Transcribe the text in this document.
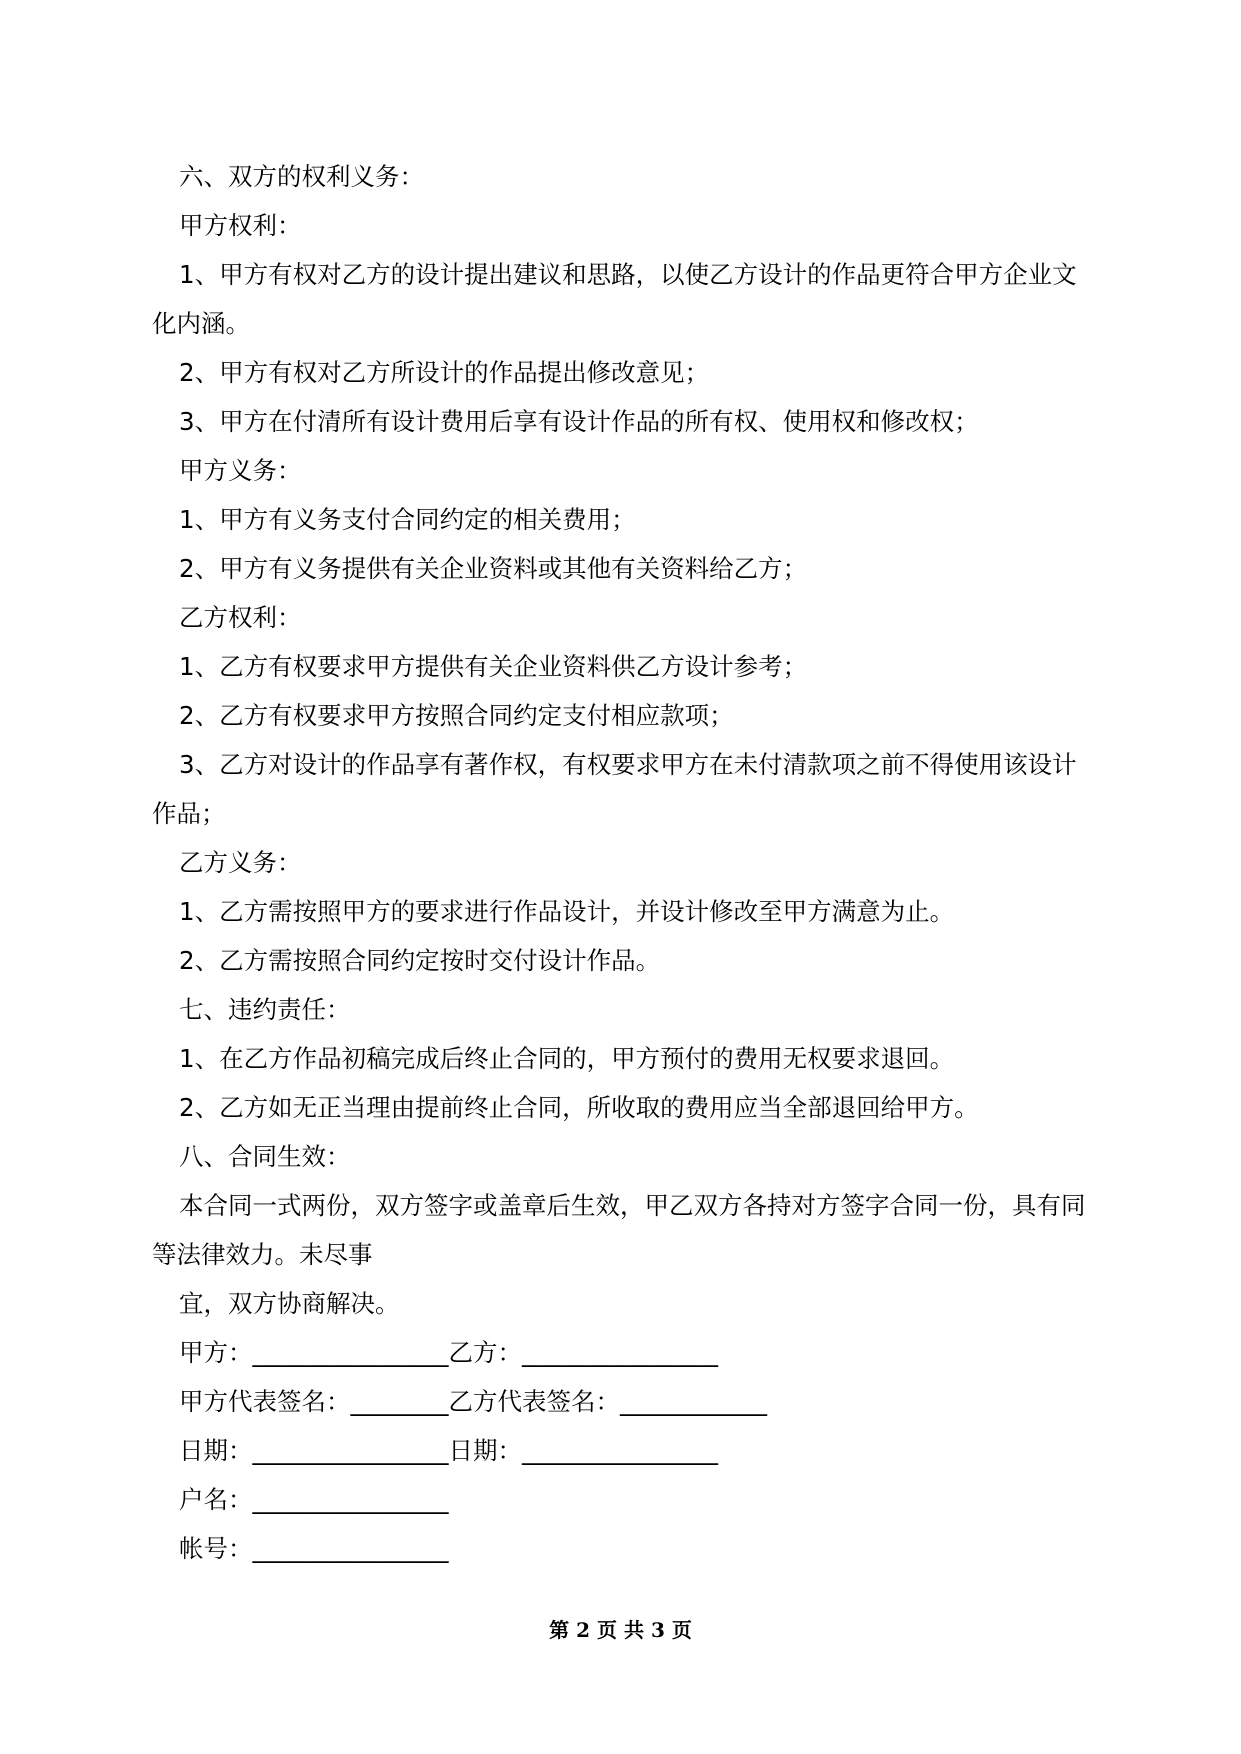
六、双方的权利义务：

甲方权利：

1、甲方有权对乙方的设计提出建议和思路，以使乙方设计的作品更符合甲方企业文化内涵。

2、甲方有权对乙方所设计的作品提出修改意见；

3、甲方在付清所有设计费用后享有设计作品的所有权、使用权和修改权；

甲方义务：

1、甲方有义务支付合同约定的相关费用；

2、甲方有义务提供有关企业资料或其他有关资料给乙方；

乙方权利：

1、乙方有权要求甲方提供有关企业资料供乙方设计参考；

2、乙方有权要求甲方按照合同约定支付相应款项；

3、乙方对设计的作品享有著作权，有权要求甲方在未付清款项之前不得使用该设计作品；

乙方义务：

1、乙方需按照甲方的要求进行作品设计，并设计修改至甲方满意为止。

2、乙方需按照合同约定按时交付设计作品。

七、违约责任：

1、在乙方作品初稿完成后终止合同的，甲方预付的费用无权要求退回。

2、乙方如无正当理由提前终止合同，所收取的费用应当全部退回给甲方。

八、合同生效：

本合同一式两份，双方签字或盖章后生效，甲乙双方各持对方签字合同一份，具有同等法律效力。未尽事

宜，双方协商解决。

甲方：________________乙方：________________

甲方代表签名：________乙方代表签名：____________

日期：________________日期：________________

户名：________________

帐号：________________

第 2 页 共 3 页
